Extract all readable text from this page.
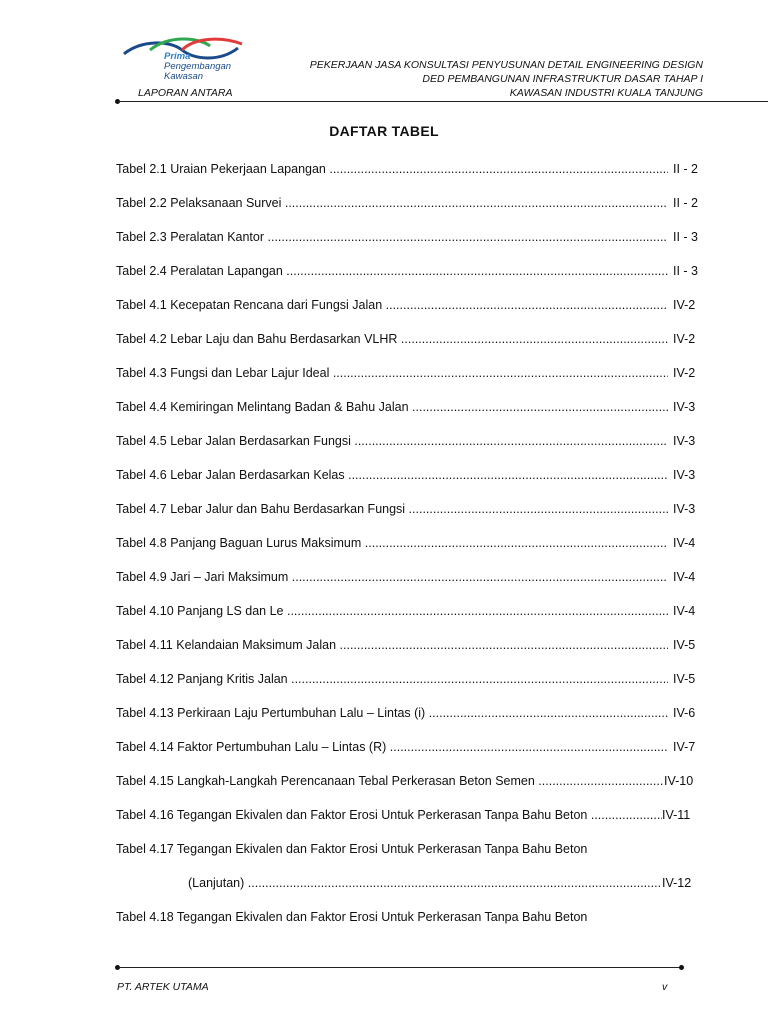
Prima
Pengembangan
Kawasan
LAPORAN ANTARA
PEKERJAAN JASA KONSULTASI PENYUSUNAN DETAIL ENGINEERING DESIGN
DED PEMBANGUNAN INFRASTRUKTUR DASAR TAHAP I
KAWASAN INDUSTRI KUALA TANJUNG
DAFTAR TABEL
Tabel 2.1 Uraian Pekerjaan Lapangan .....	II - 2
Tabel 2.2 Pelaksanaan Survei .....	II - 2
Tabel 2.3 Peralatan Kantor .....	II - 3
Tabel 2.4 Peralatan Lapangan .....	II - 3
Tabel 4.1 Kecepatan Rencana dari Fungsi Jalan .....	IV-2
Tabel 4.2 Lebar Laju dan Bahu Berdasarkan VLHR .....	IV-2
Tabel 4.3 Fungsi dan Lebar Lajur Ideal .....	IV-2
Tabel 4.4 Kemiringan Melintang Badan & Bahu Jalan .....	IV-3
Tabel 4.5 Lebar Jalan Berdasarkan Fungsi .....	IV-3
Tabel 4.6 Lebar Jalan Berdasarkan Kelas .....	IV-3
Tabel 4.7 Lebar Jalur dan Bahu Berdasarkan Fungsi .....	IV-3
Tabel 4.8 Panjang Baguan Lurus Maksimum .....	IV-4
Tabel 4.9 Jari – Jari Maksimum .....	IV-4
Tabel 4.10 Panjang LS dan Le .....	IV-4
Tabel 4.11 Kelandaian Maksimum Jalan .....	IV-5
Tabel 4.12 Panjang Kritis Jalan .....	IV-5
Tabel 4.13 Perkiraan Laju Pertumbuhan Lalu – Lintas (i) .....	IV-6
Tabel 4.14 Faktor Pertumbuhan Lalu – Lintas (R) .....	IV-7
Tabel 4.15 Langkah-Langkah Perencanaan Tebal Perkerasan Beton Semen .....	IV-10
Tabel 4.16 Tegangan Ekivalen dan Faktor Erosi Untuk Perkerasan Tanpa Bahu Beton .....	IV-11
Tabel 4.17 Tegangan Ekivalen dan Faktor Erosi Untuk Perkerasan Tanpa Bahu Beton
(Lanjutan) .....	IV-12
Tabel 4.18 Tegangan Ekivalen dan Faktor Erosi Untuk Perkerasan Tanpa Bahu Beton
PT. ARTEK UTAMA	v
